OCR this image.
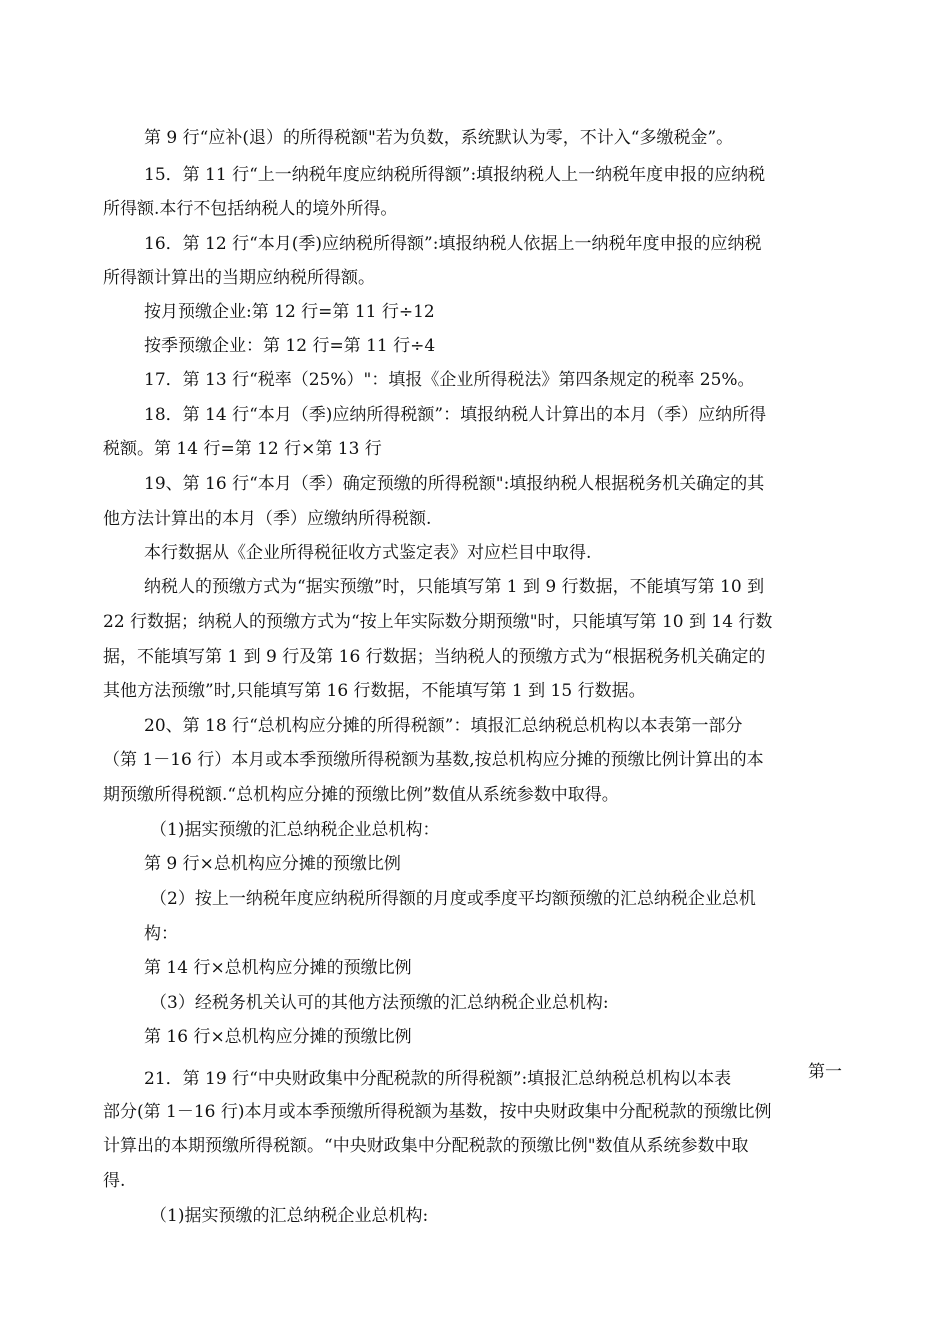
第 9 行“应补(退）的所得税额"若为负数，系统默认为零，不计入“多缴税金”。
15．第 11 行“上一纳税年度应纳税所得额”:填报纳税人上一纳税年度申报的应纳税
所得额.本行不包括纳税人的境外所得。
16．第 12 行“本月(季)应纳税所得额”:填报纳税人依据上一纳税年度申报的应纳税
所得额计算出的当期应纳税所得额。
按月预缴企业:第 12 行=第 11 行÷12
按季预缴企业：第 12 行=第 11 行÷4
17．第 13 行“税率（25%）"：填报《企业所得税法》第四条规定的税率 25%。
18．第 14 行“本月（季)应纳所得税额”：填报纳税人计算出的本月（季）应纳所得
税额。第 14 行=第 12 行×第 13 行
19、第 16 行“本月（季）确定预缴的所得税额":填报纳税人根据税务机关确定的其
他方法计算出的本月（季）应缴纳所得税额.
本行数据从《企业所得税征收方式鉴定表》对应栏目中取得.
纳税人的预缴方式为“据实预缴”时，只能填写第 1 到 9 行数据，不能填写第 10 到
22 行数据；纳税人的预缴方式为“按上年实际数分期预缴"时，只能填写第 10 到 14 行数
据，不能填写第 1 到 9 行及第 16 行数据；当纳税人的预缴方式为“根据税务机关确定的
其他方法预缴”时,只能填写第 16 行数据，不能填写第 1 到 15 行数据。
20、第 18 行“总机构应分摊的所得税额”：填报汇总纳税总机构以本表第一部分
（第 1－16 行）本月或本季预缴所得税额为基数,按总机构应分摊的预缴比例计算出的本
期预缴所得税额.“总机构应分摊的预缴比例”数值从系统参数中取得。
（1)据实预缴的汇总纳税企业总机构：
第 9 行×总机构应分摊的预缴比例
（2）按上一纳税年度应纳税所得额的月度或季度平均额预缴的汇总纳税企业总机
构：
第 14 行×总机构应分摊的预缴比例
（3）经税务机关认可的其他方法预缴的汇总纳税企业总机构:
第 16 行×总机构应分摊的预缴比例
21．第 19 行“中央财政集中分配税款的所得税额”:填报汇总纳税总机构以本表	第一
部分(第 1－16 行)本月或本季预缴所得税额为基数，按中央财政集中分配税款的预缴比例
计算出的本期预缴所得税额。“中央财政集中分配税款的预缴比例"数值从系统参数中取
得.
（1)据实预缴的汇总纳税企业总机构:
